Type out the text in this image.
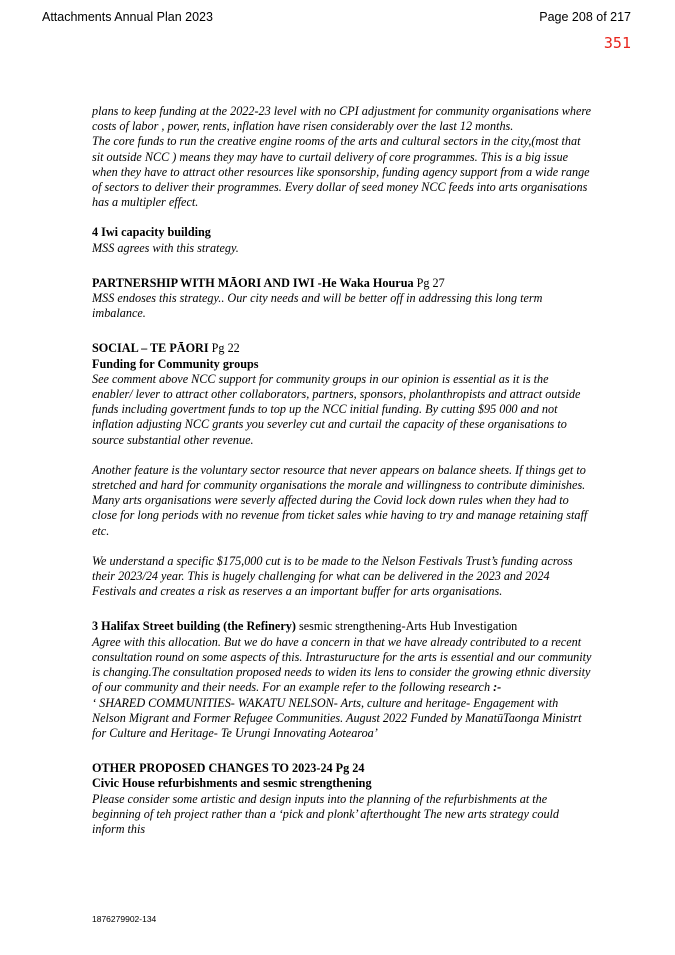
Attachments Annual Plan 2023	Page 208 of 217
351

plans to keep funding at the 2022-23 level with no CPI adjustment for community organisations where costs of labor , power, rents, inflation have risen considerably over the last 12 months.

The core funds to run the creative engine rooms of the arts and cultural sectors in the city,(most that sit outside NCC ) means they may have to curtail delivery of core programmes. This is a big issue when they have to attract other resources like sponsorship, funding agency support from a wide range of sectors to deliver their programmes. Every dollar of seed money NCC feeds into arts organisations has a multipler effect.

4 Iwi capacity building

MSS agrees with this strategy.

PARTNERSHIP WITH MĀORI AND IWI -He Waka Hourua Pg 27

MSS endoses this strategy.. Our city needs and will be better off in addressing this long term imbalance.

SOCIAL – TE PĀORI Pg 22

Funding for Community groups

See comment above NCC support for community groups in our opinion is essential as it is the enabler/ lever to attract other collaborators, partners, sponsors, pholanthropists and attract outside funds including govertment funds to top up the NCC initial funding. By cutting $95 000 and not inflation adjusting NCC grants you severley cut and curtail the capacity of these organisations to source substantial other revenue.

Another feature is the voluntary sector resource that never appears on balance sheets. If things get to stretched and hard for community organisations the morale and willingness to contribute diminishes. Many arts organisations were severly affected during the Covid lock down rules when they had to close for long periods with no revenue from ticket sales whie having to try and manage retaining staff etc.

We understand a specific $175,000 cut is to be made to the Nelson Festivals Trust’s funding across their 2023/24 year. This is hugely challenging for what can be delivered in the 2023 and 2024 Festivals and creates a risk as reserves a an important buffer for arts organisations.

3 Halifax Street building (the Refinery) sesmic strengthening-Arts Hub Investigation

Agree with this allocation. But we do have a concern in that we have already contributed to a recent consultation round on some aspects of this. Intrasturucture for the arts is essential and our community is changing.The consultation proposed needs to widen its lens to consider the growing ethnic diversity of our community and their needs. For an example refer to the following research :-

‘ SHARED COMMUNITIES- WAKATU NELSON- Arts, culture and heritage- Engagement with Nelson Migrant and Former Refugee Communities. August 2022 Funded by ManatūTaonga Ministrt for Culture and Heritage- Te Urungi Innovating Aotearoa’

OTHER PROPOSED CHANGES TO 2023-24 Pg 24

Civic House refurbishments and sesmic strengthening

Please consider some artistic and design inputs into the planning of the refurbishments at the beginning of teh project rather than a ‘pick and plonk’ afterthought The new arts strategy could inform this

1876279902-134
